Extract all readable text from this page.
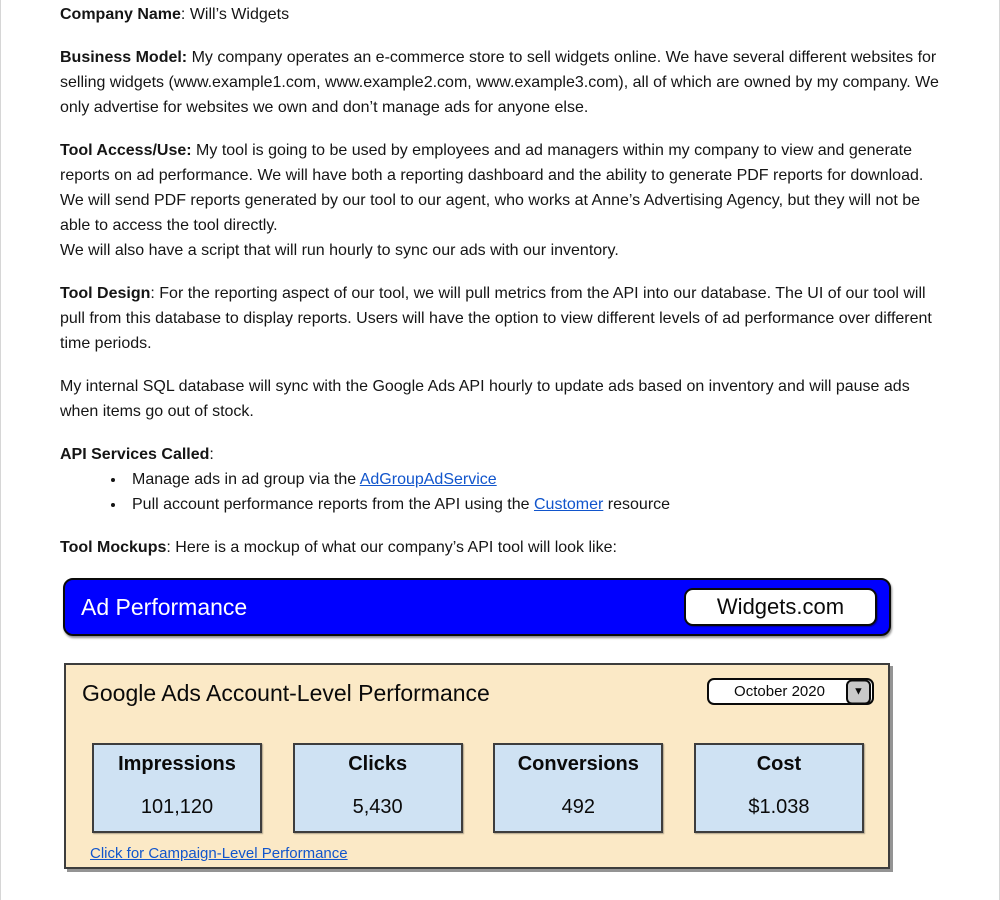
Company Name: Will’s Widgets

Business Model: My company operates an e-commerce store to sell widgets online. We have several different websites for selling widgets (www.example1.com, www.example2.com, www.example3.com), all of which are owned by my company. We only advertise for websites we own and don’t manage ads for anyone else.

Tool Access/Use: My tool is going to be used by employees and ad managers within my company to view and generate reports on ad performance. We will have both a reporting dashboard and the ability to generate PDF reports for download. We will send PDF reports generated by our tool to our agent, who works at Anne’s Advertising Agency, but they will not be able to access the tool directly.
We will also have a script that will run hourly to sync our ads with our inventory.

Tool Design: For the reporting aspect of our tool, we will pull metrics from the API into our database. The UI of our tool will pull from this database to display reports. Users will have the option to view different levels of ad performance over different time periods.

My internal SQL database will sync with the Google Ads API hourly to update ads based on inventory and will pause ads when items go out of stock.

API Services Called:
• Manage ads in ad group via the AdGroupAdService
• Pull account performance reports from the API using the Customer resource

Tool Mockups: Here is a mockup of what our company’s API tool will look like:

Ad Performance	Widgets.com
Google Ads Account-Level Performance	October 2020	▼
Impressions
101,120
Clicks
5,430
Conversions
492
Cost
$1.038
Click for Campaign-Level Performance
